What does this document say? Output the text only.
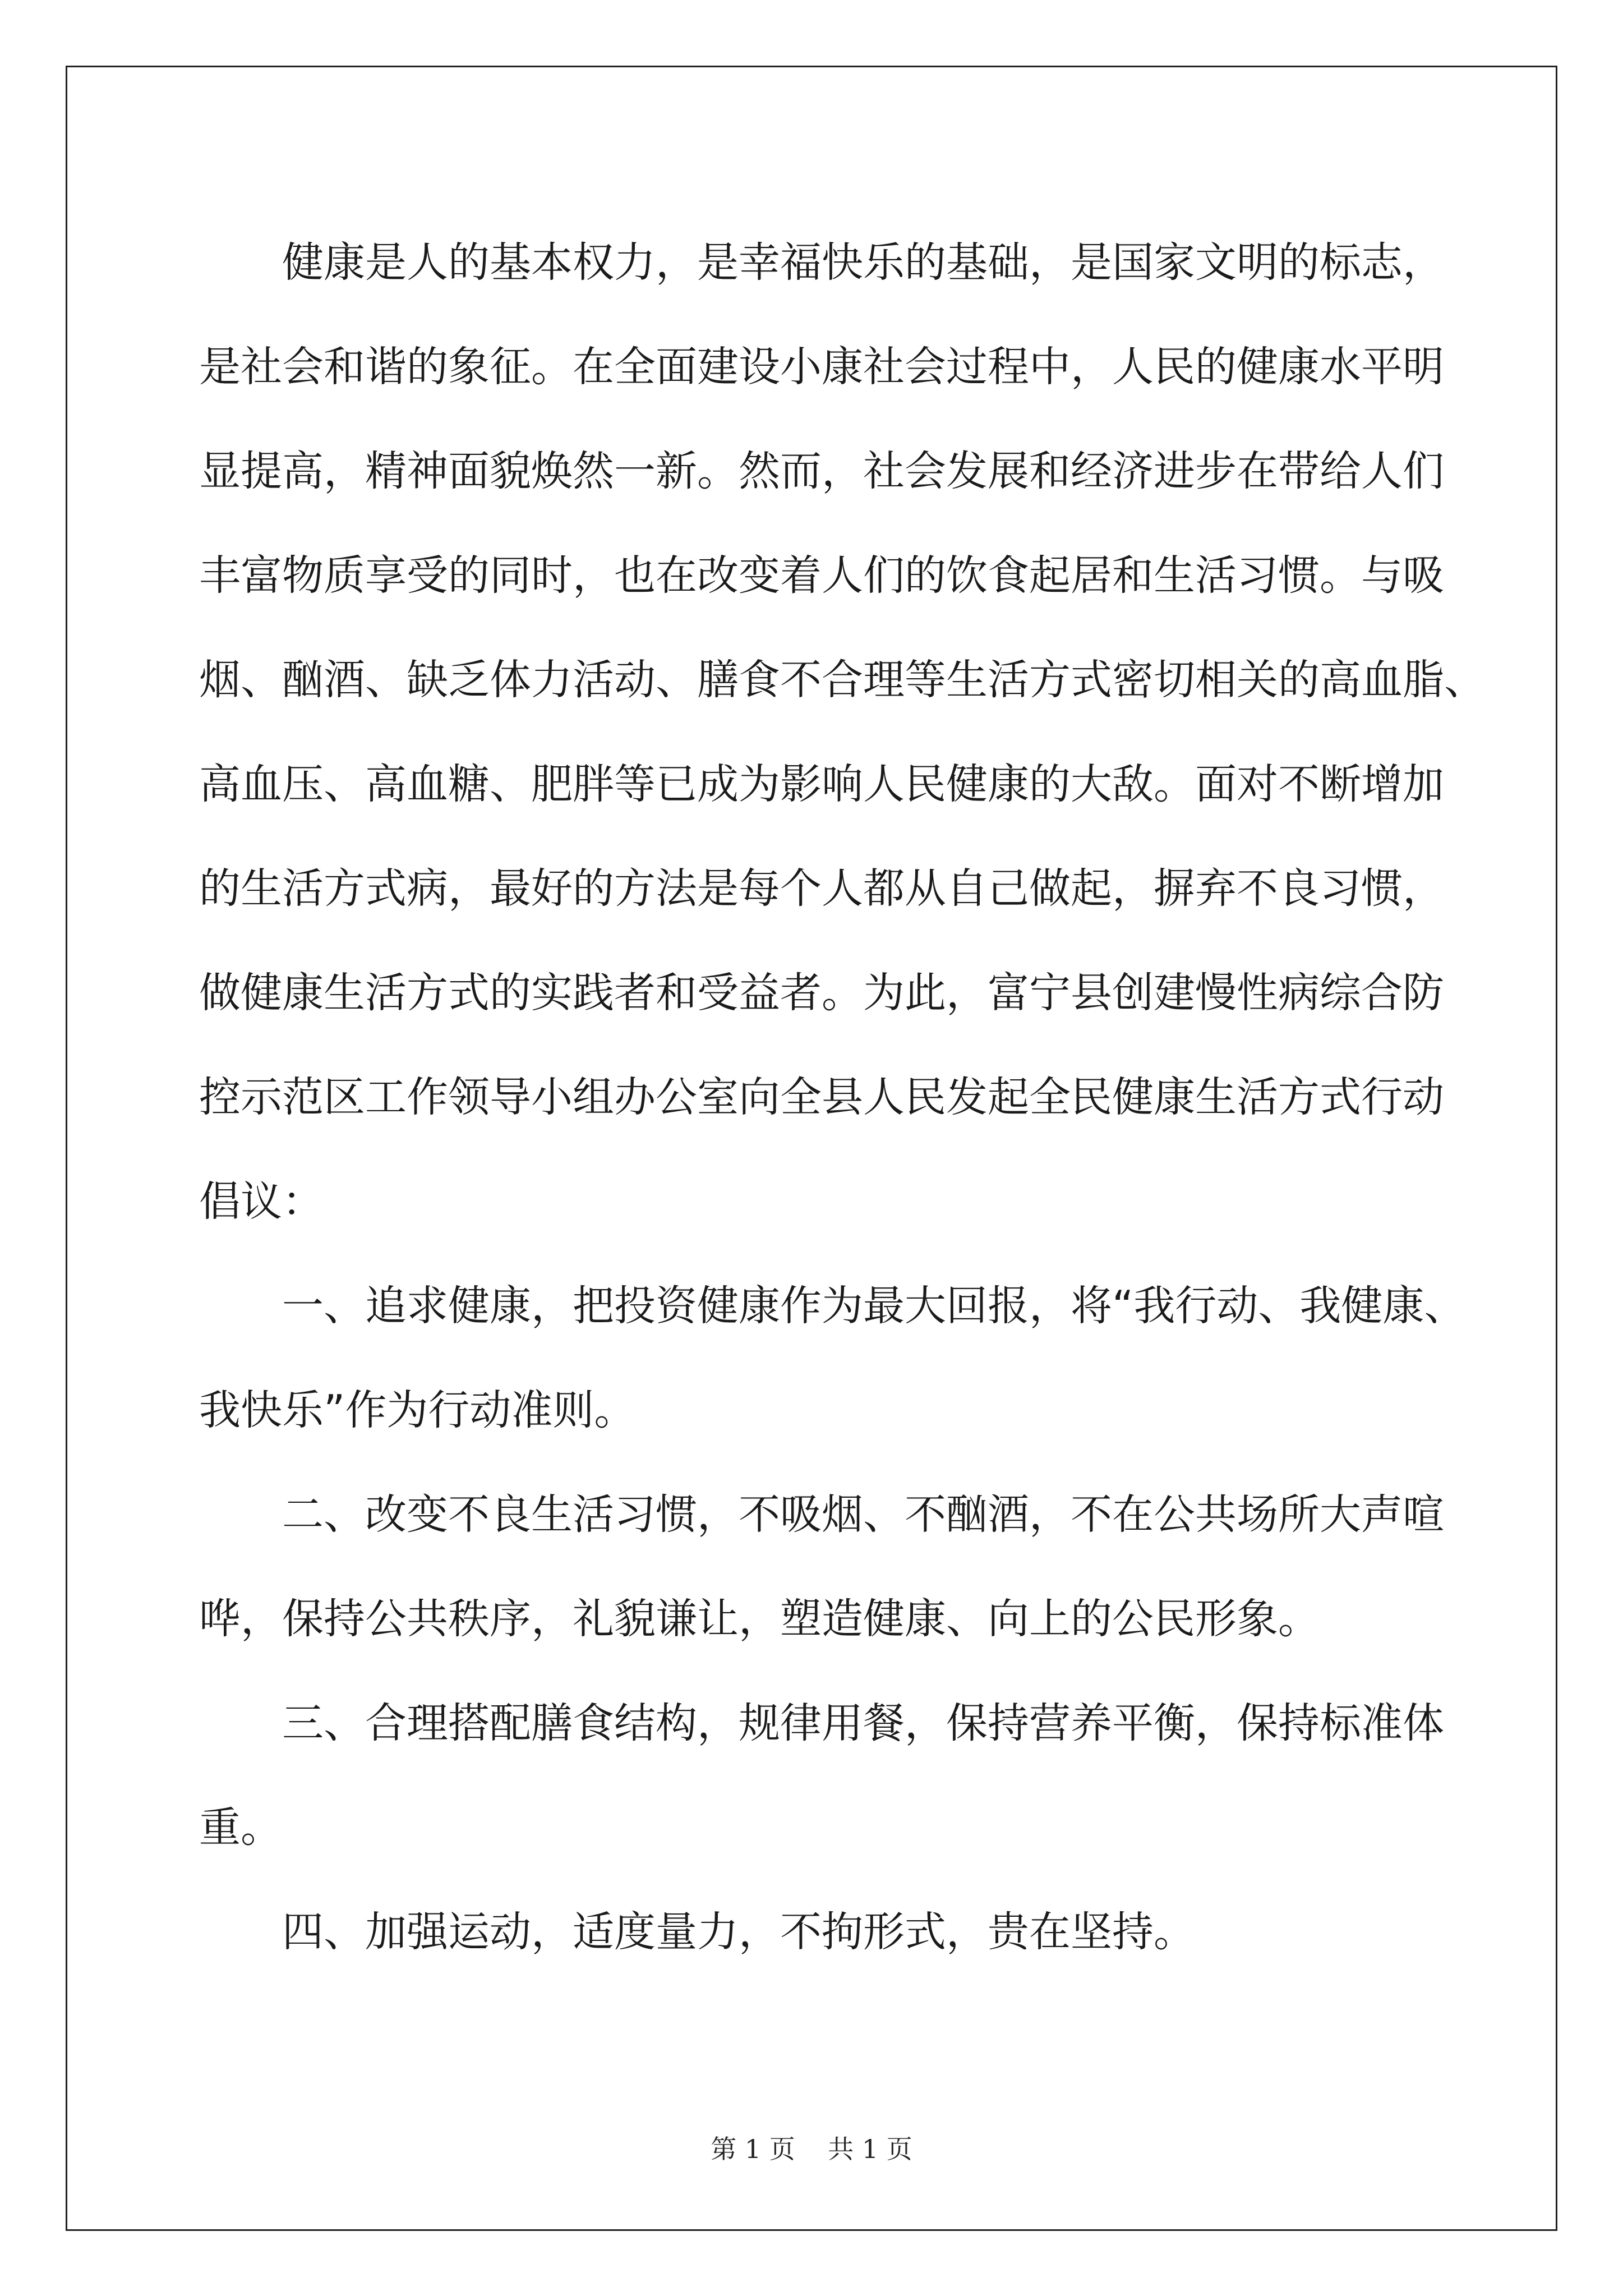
健康是人的基本权力，是幸福快乐的基础，是国家文明的标志，
是社会和谐的象征。在全面建设小康社会过程中，人民的健康水平明
显提高，精神面貌焕然一新。然而，社会发展和经济进步在带给人们
丰富物质享受的同时，也在改变着人们的饮食起居和生活习惯。与吸
烟、酗酒、缺乏体力活动、膳食不合理等生活方式密切相关的高血脂、
高血压、高血糖、肥胖等已成为影响人民健康的大敌。面对不断增加
的生活方式病，最好的方法是每个人都从自己做起，摒弃不良习惯，
做健康生活方式的实践者和受益者。为此，富宁县创建慢性病综合防
控示范区工作领导小组办公室向全县人民发起全民健康生活方式行动
倡议：
一、追求健康，把投资健康作为最大回报，将“我行动、我健康、
我快乐”作为行动准则。
二、改变不良生活习惯，不吸烟、不酗酒，不在公共场所大声喧
哗，保持公共秩序，礼貌谦让，塑造健康、向上的公民形象。
三、合理搭配膳食结构，规律用餐，保持营养平衡，保持标准体
重。
四、加强运动，适度量力，不拘形式，贵在坚持。
第 1 页    共 1 页
